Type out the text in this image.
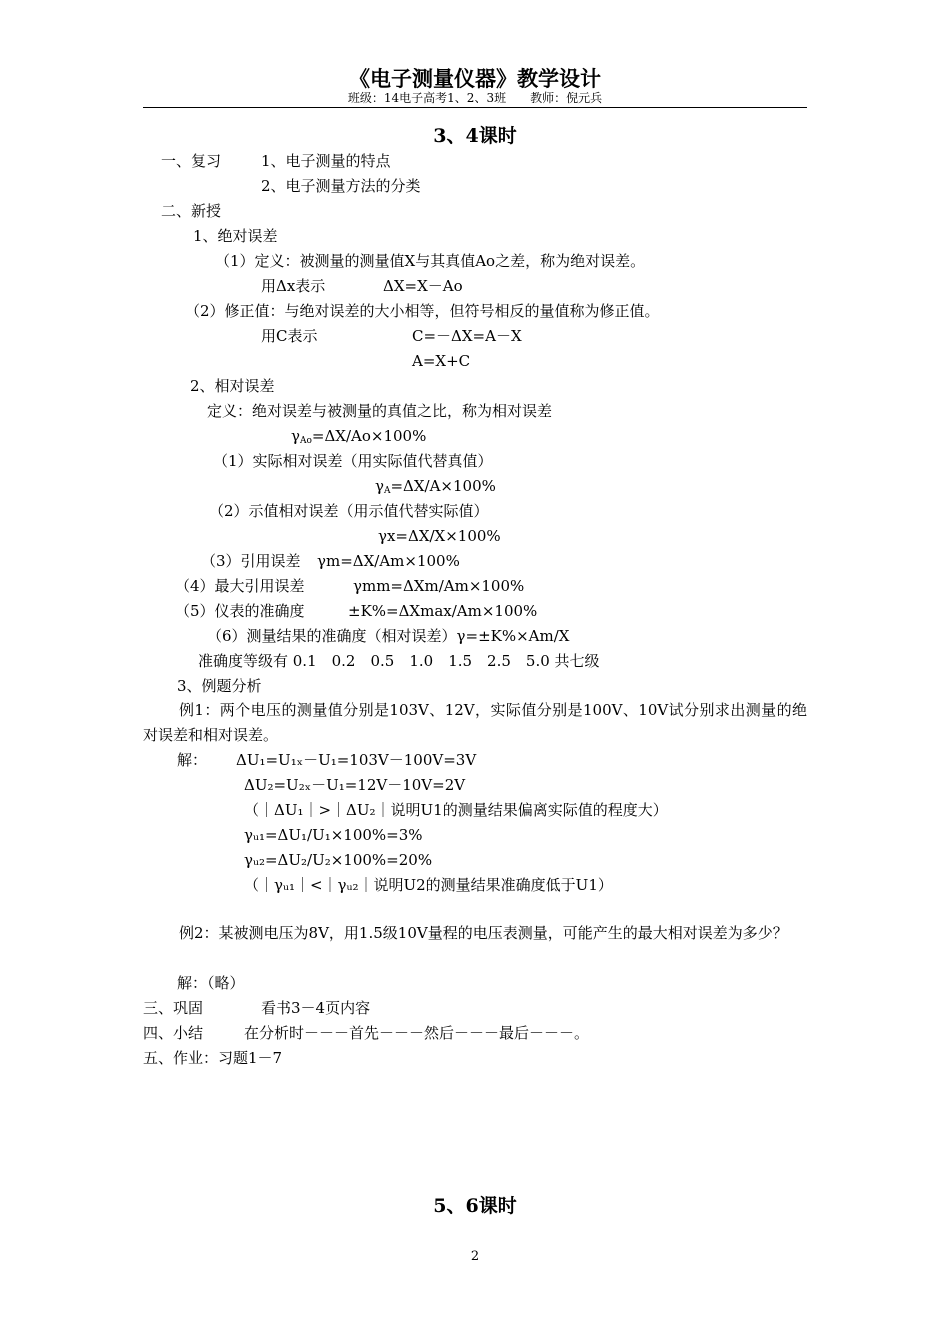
《电子测量仪器》教学设计
班级：14电子高考1、2、3班　　教师：倪元兵
3、4课时
一、复习	1、电子测量的特点
2、电子测量方法的分类
二、新授
1、绝对误差
（1）定义：被测量的测量值X与其真值Ao之差，称为绝对误差。
用Δx表示	ΔX=X－Ao
（2）修正值：与绝对误差的大小相等，但符号相反的量值称为修正值。
用C表示	C=－ΔX=A－X
A=X+C
2、相对误差
定义：绝对误差与被测量的真值之比，称为相对误差
$\gamma_{Ao}=\Delta X/Ao\times 100\%$
（1）实际相对误差（用实际值代替真值）
$\gamma_A=\Delta X/A\times 100\%$
（2）示值相对误差（用示值代替实际值）
γx=ΔX/X×100%
（3）引用误差 γm=ΔX/Am×100%
（4）最大引用误差	γmm=ΔXm/Am×100%
（5）仪表的准确度	±K%=ΔXmax/Am×100%
（6）测量结果的准确度（相对误差）γ=±K%×Am/X
准确度等级有 0.1　0.2　0.5　1.0　1.5　2.5　5.0 共七级
3、例题分析
例1：两个电压的测量值分别是103V、12V，实际值分别是100V、10V试分别求出测量的绝对误差和相对误差。
解： ΔU₁=U₁ₓ－U₁=103V－100V=3V
ΔU₂=U₂ₓ－U₁=12V－10V=2V
（｜ΔU₁｜>｜ΔU₂｜说明U1的测量结果偏离实际值的程度大）
γᵤ₁=ΔU₁/U₁×100%=3%
γᵤ₂=ΔU₂/U₂×100%=20%
（｜γᵤ₁｜<｜γᵤ₂｜说明U2的测量结果准确度低于U1）
例2：某被测电压为8V，用1.5级10V量程的电压表测量，可能产生的最大相对误差为多少？
解：（略）
三、巩固	看书3－4页内容
四、小结	在分析时－－－首先－－－然后－－－最后－－－。
五、作业：习题1－7
5、6课时
2
